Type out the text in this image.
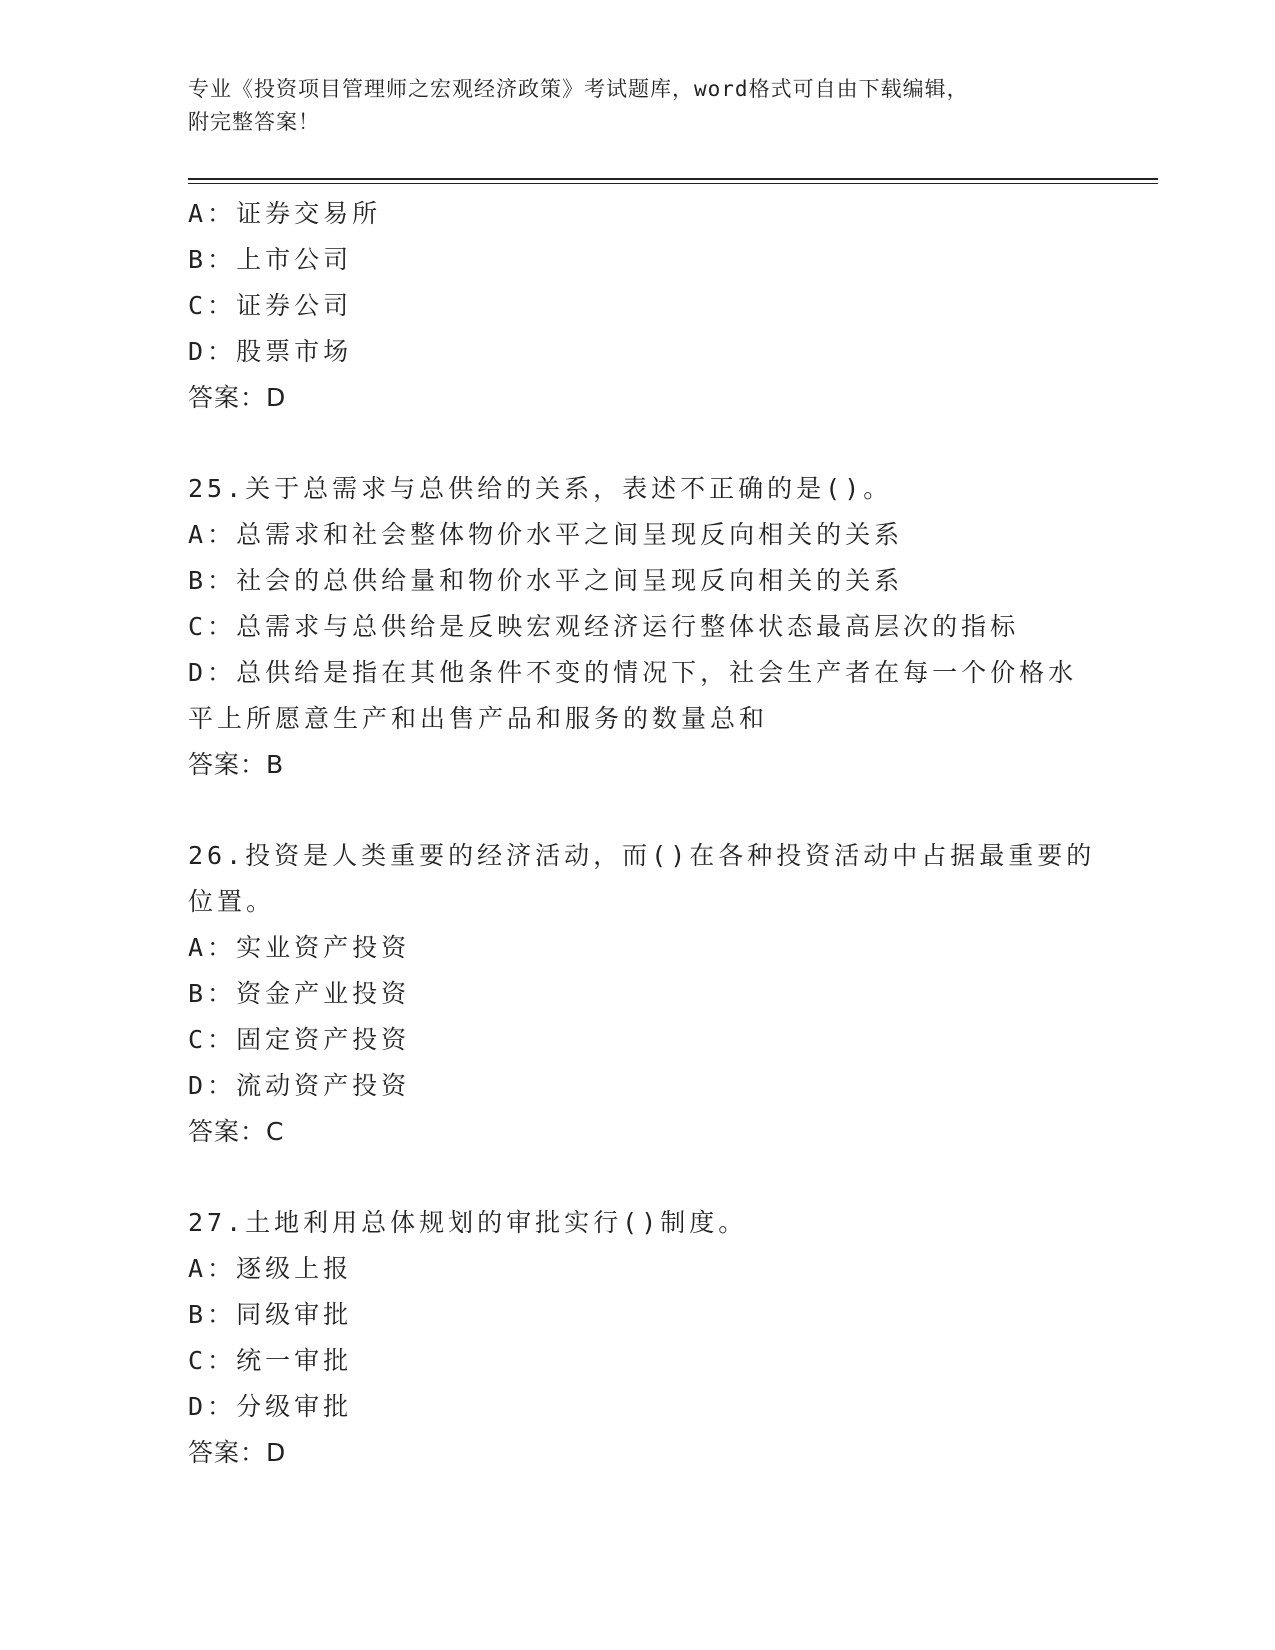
专业《投资项目管理师之宏观经济政策》考试题库，word格式可自由下载编辑，
附完整答案！
A：证券交易所
B：上市公司
C：证券公司
D：股票市场
答案：D
25.关于总需求与总供给的关系，表述不正确的是()。
A：总需求和社会整体物价水平之间呈现反向相关的关系
B：社会的总供给量和物价水平之间呈现反向相关的关系
C：总需求与总供给是反映宏观经济运行整体状态最高层次的指标
D：总供给是指在其他条件不变的情况下，社会生产者在每一个价格水
平上所愿意生产和出售产品和服务的数量总和
答案：B
26.投资是人类重要的经济活动，而()在各种投资活动中占据最重要的
位置。
A：实业资产投资
B：资金产业投资
C：固定资产投资
D：流动资产投资
答案：C
27.土地利用总体规划的审批实行()制度。
A：逐级上报
B：同级审批
C：统一审批
D：分级审批
答案：D
